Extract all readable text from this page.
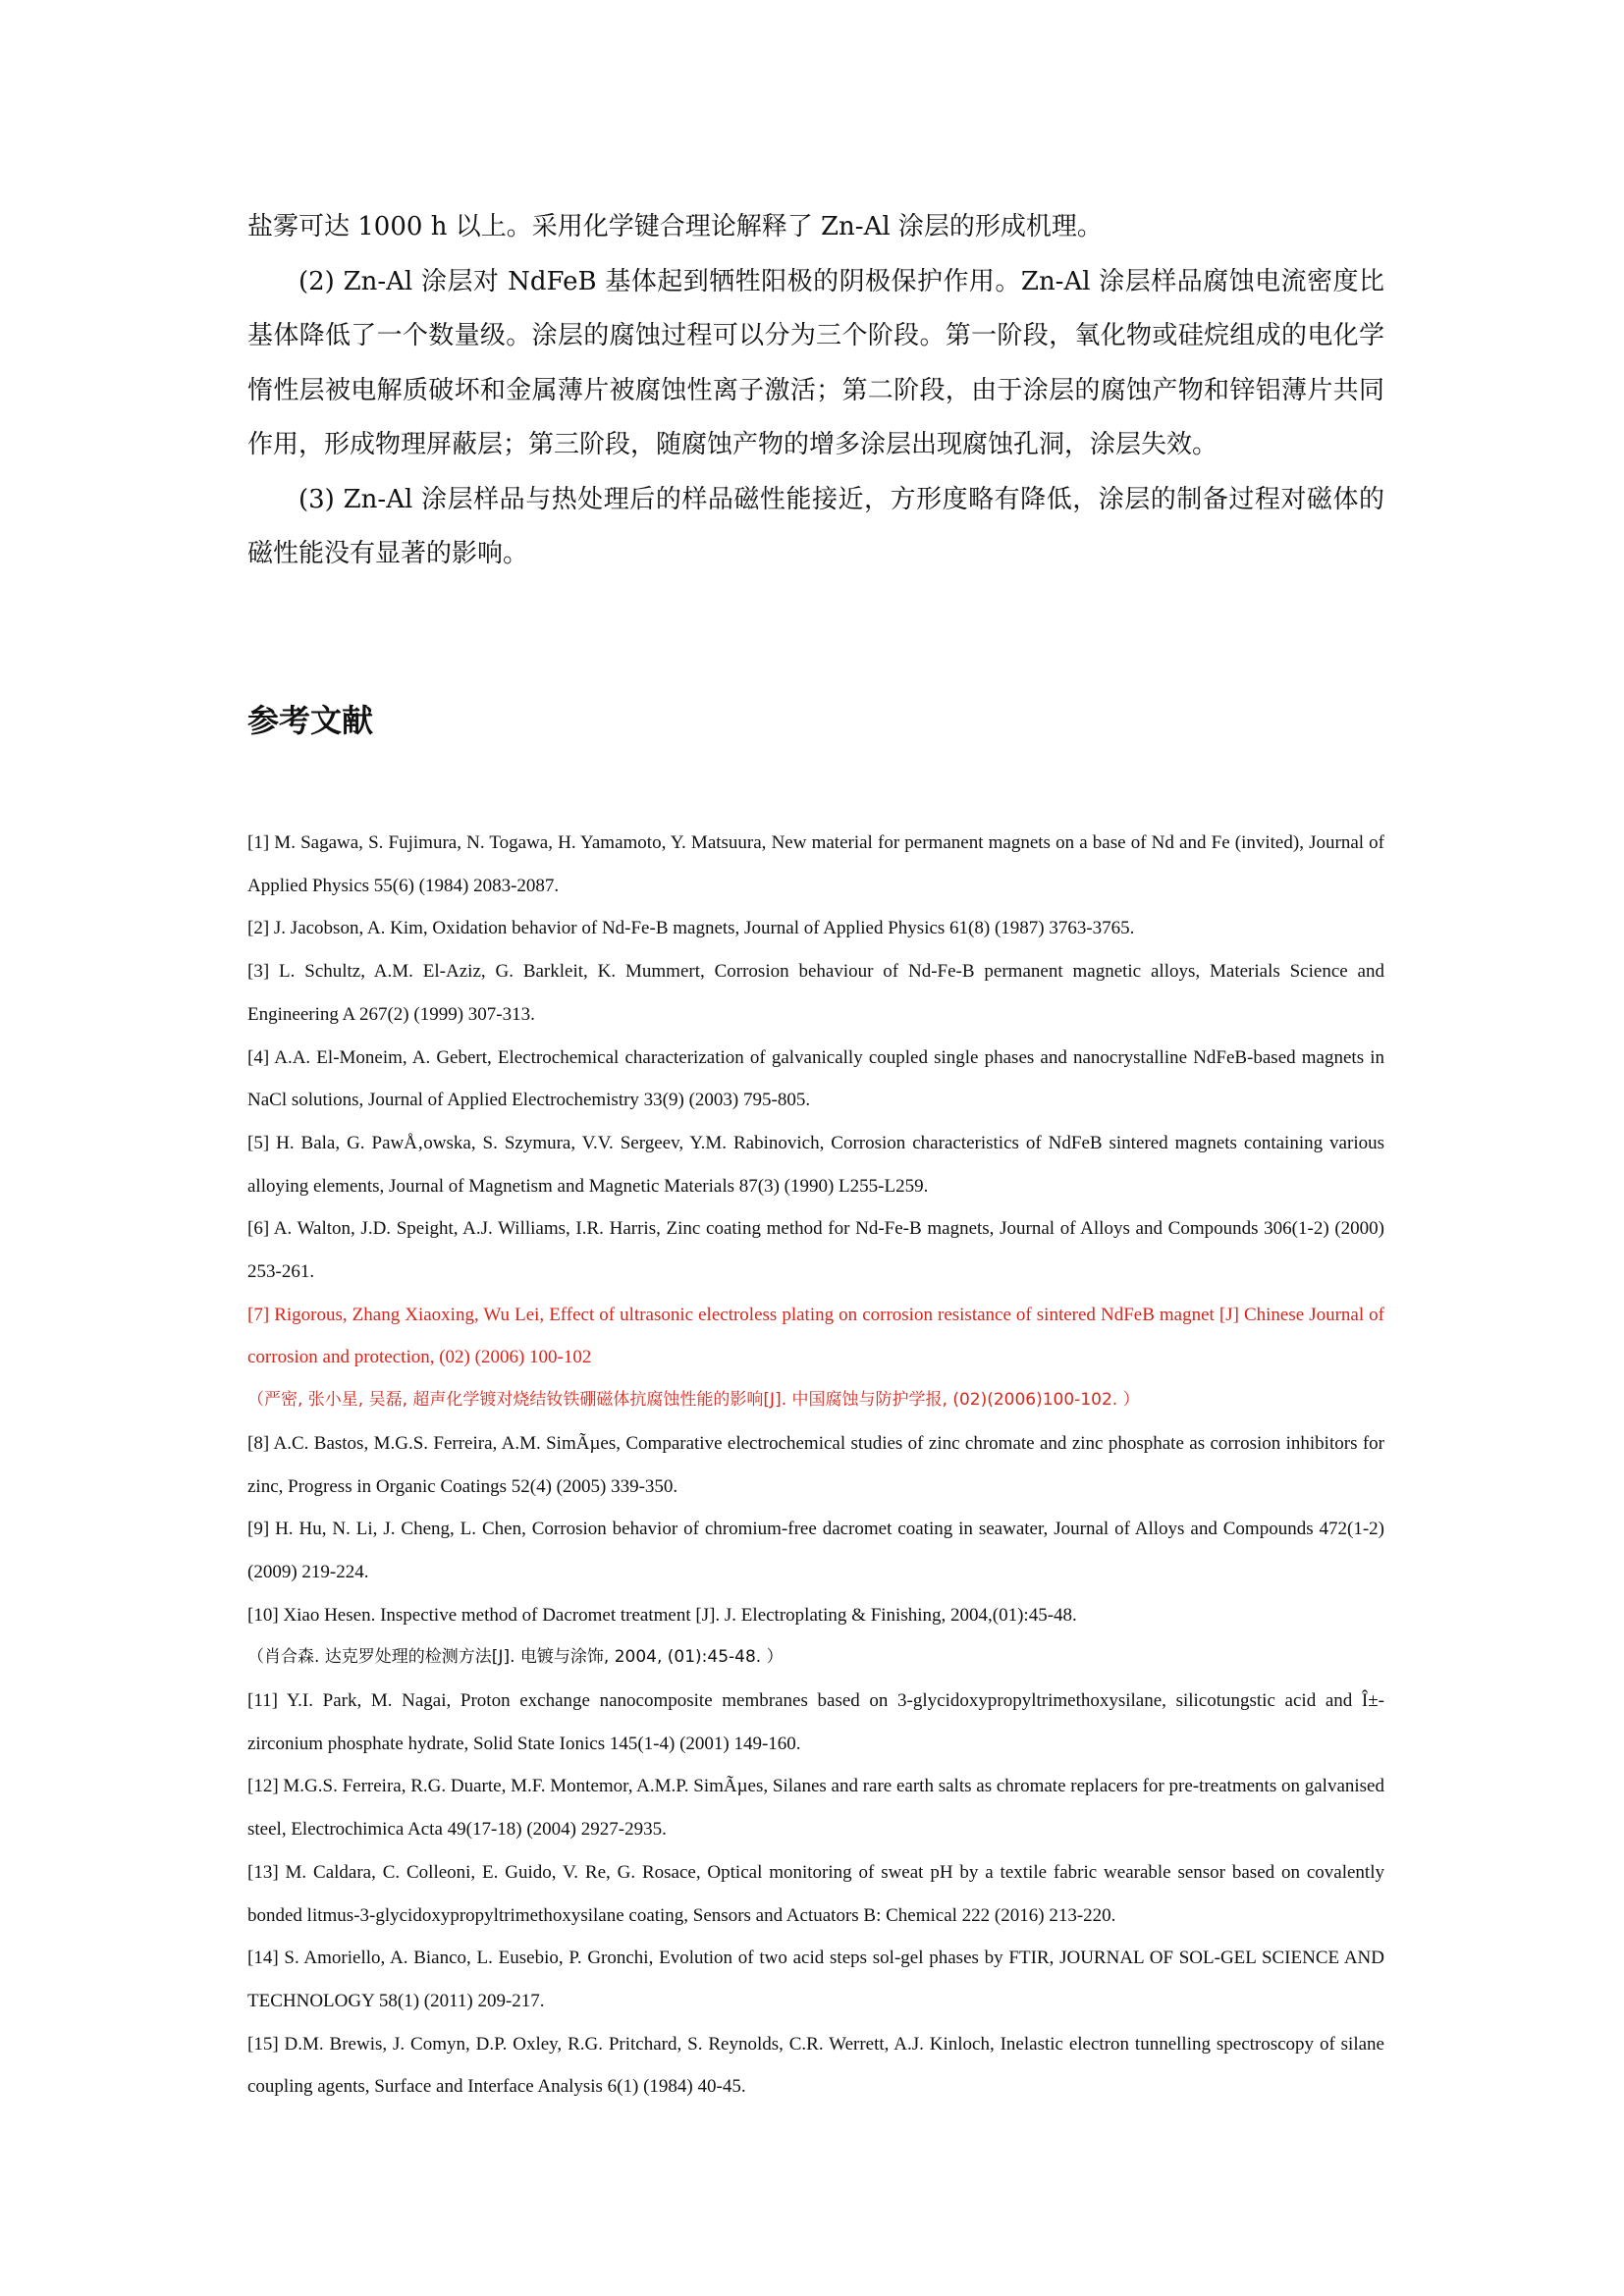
盐雾可达 1000 h 以上。采用化学键合理论解释了 Zn-Al 涂层的形成机理。

(2) Zn-Al 涂层对 NdFeB 基体起到牺牲阳极的阴极保护作用。Zn-Al 涂层样品腐蚀电流密度比基体降低了一个数量级。涂层的腐蚀过程可以分为三个阶段。第一阶段，氧化物或硅烷组成的电化学惰性层被电解质破坏和金属薄片被腐蚀性离子激活；第二阶段，由于涂层的腐蚀产物和锌铝薄片共同作用，形成物理屏蔽层；第三阶段，随腐蚀产物的增多涂层出现腐蚀孔洞，涂层失效。

(3) Zn-Al 涂层样品与热处理后的样品磁性能接近，方形度略有降低，涂层的制备过程对磁体的磁性能没有显著的影响。

参考文献

[1] M. Sagawa, S. Fujimura, N. Togawa, H. Yamamoto, Y. Matsuura, New material for permanent magnets on a base of Nd and Fe (invited), Journal of Applied Physics 55(6) (1984) 2083-2087.

[2] J. Jacobson, A. Kim, Oxidation behavior of Nd-Fe-B magnets, Journal of Applied Physics 61(8) (1987) 3763-3765.

[3] L. Schultz, A.M. El-Aziz, G. Barkleit, K. Mummert, Corrosion behaviour of Nd-Fe-B permanent magnetic alloys, Materials Science and Engineering A 267(2) (1999) 307-313.

[4] A.A. El-Moneim, A. Gebert, Electrochemical characterization of galvanically coupled single phases and nanocrystalline NdFeB-based magnets in NaCl solutions, Journal of Applied Electrochemistry 33(9) (2003) 795-805.

[5] H. Bala, G. PawÅ‚owska, S. Szymura, V.V. Sergeev, Y.M. Rabinovich, Corrosion characteristics of NdFeB sintered magnets containing various alloying elements, Journal of Magnetism and Magnetic Materials 87(3) (1990) L255-L259.

[6] A. Walton, J.D. Speight, A.J. Williams, I.R. Harris, Zinc coating method for Nd-Fe-B magnets, Journal of Alloys and Compounds 306(1-2) (2000) 253-261.

[7] Rigorous, Zhang Xiaoxing, Wu Lei, Effect of ultrasonic electroless plating on corrosion resistance of sintered NdFeB magnet [J] Chinese Journal of corrosion and protection, (02) (2006) 100-102

（严密, 张小星, 吴磊, 超声化学镀对烧结钕铁硼磁体抗腐蚀性能的影响[J]. 中国腐蚀与防护学报, (02)(2006)100-102. ）

[8] A.C. Bastos, M.G.S. Ferreira, A.M. SimÃµes, Comparative electrochemical studies of zinc chromate and zinc phosphate as corrosion inhibitors for zinc, Progress in Organic Coatings 52(4) (2005) 339-350.

[9] H. Hu, N. Li, J. Cheng, L. Chen, Corrosion behavior of chromium-free dacromet coating in seawater, Journal of Alloys and Compounds 472(1-2) (2009) 219-224.

[10] Xiao Hesen. Inspective method of Dacromet treatment [J]. J. Electroplating & Finishing, 2004,(01):45-48.

（肖合森. 达克罗处理的检测方法[J]. 电镀与涂饰, 2004, (01):45-48. ）

[11] Y.I. Park, M. Nagai, Proton exchange nanocomposite membranes based on 3-glycidoxypropyltrimethoxysilane, silicotungstic acid and Î±-zirconium phosphate hydrate, Solid State Ionics 145(1-4) (2001) 149-160.

[12] M.G.S. Ferreira, R.G. Duarte, M.F. Montemor, A.M.P. SimÃµes, Silanes and rare earth salts as chromate replacers for pre-treatments on galvanised steel, Electrochimica Acta 49(17-18) (2004) 2927-2935.

[13] M. Caldara, C. Colleoni, E. Guido, V. Re, G. Rosace, Optical monitoring of sweat pH by a textile fabric wearable sensor based on covalently bonded litmus-3-glycidoxypropyltrimethoxysilane coating, Sensors and Actuators B: Chemical 222 (2016) 213-220.

[14] S. Amoriello, A. Bianco, L. Eusebio, P. Gronchi, Evolution of two acid steps sol-gel phases by FTIR, JOURNAL OF SOL-GEL SCIENCE AND TECHNOLOGY 58(1) (2011) 209-217.

[15] D.M. Brewis, J. Comyn, D.P. Oxley, R.G. Pritchard, S. Reynolds, C.R. Werrett, A.J. Kinloch, Inelastic electron tunnelling spectroscopy of silane coupling agents, Surface and Interface Analysis 6(1) (1984) 40-45.
